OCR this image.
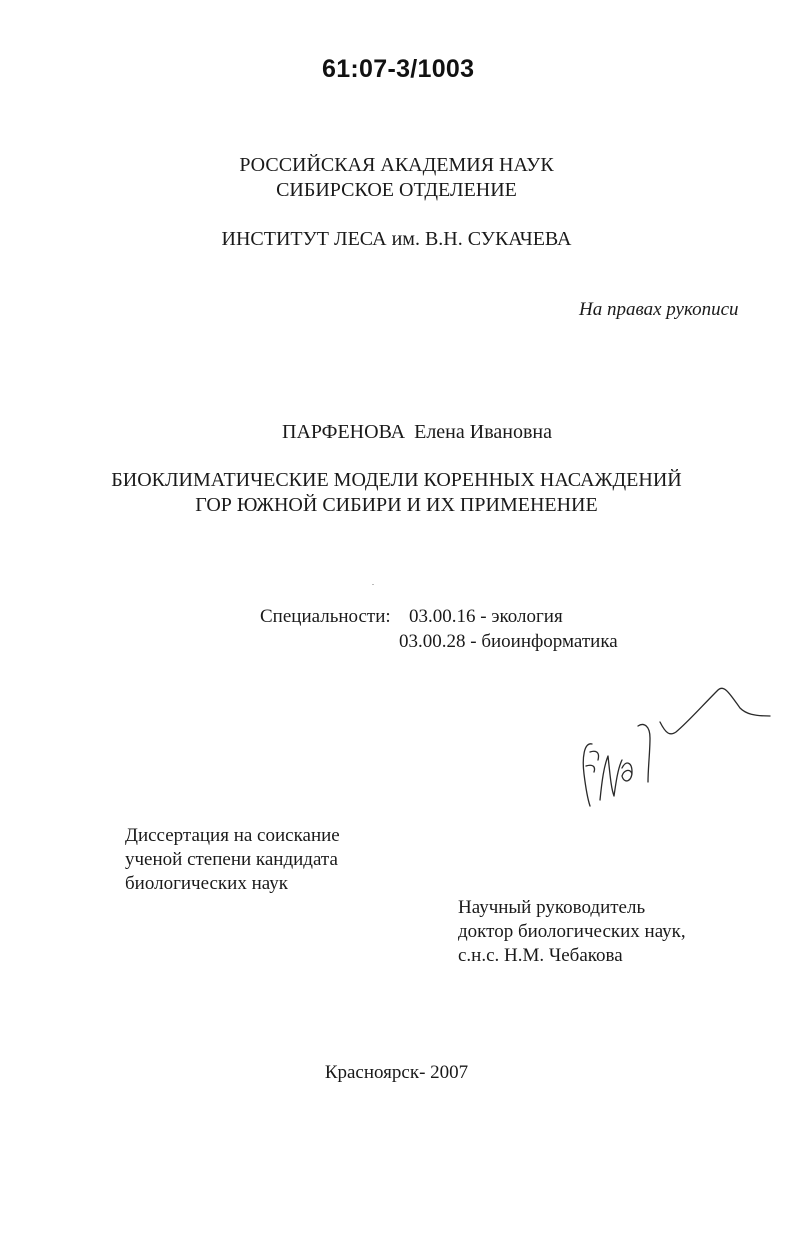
61:07-3/1003
РОССИЙСКАЯ АКАДЕМИЯ НАУК
СИБИРСКОЕ ОТДЕЛЕНИЕ
ИНСТИТУТ ЛЕСА им. В.Н. СУКАЧЕВА
На правах рукописи
ПАРФЕНОВА Елена Ивановна
БИОКЛИМАТИЧЕСКИЕ МОДЕЛИ КОРЕННЫХ НАСАЖДЕНИЙ
ГОР ЮЖНОЙ СИБИРИ И ИХ ПРИМЕНЕНИЕ
Специальности: 03.00.16 - экология
03.00.28 - биоинформатика
Диссертация на соискание
ученой степени кандидата
биологических наук
Научный руководитель
доктор биологических наук,
с.н.с. Н.М. Чебакова
Красноярск- 2007
